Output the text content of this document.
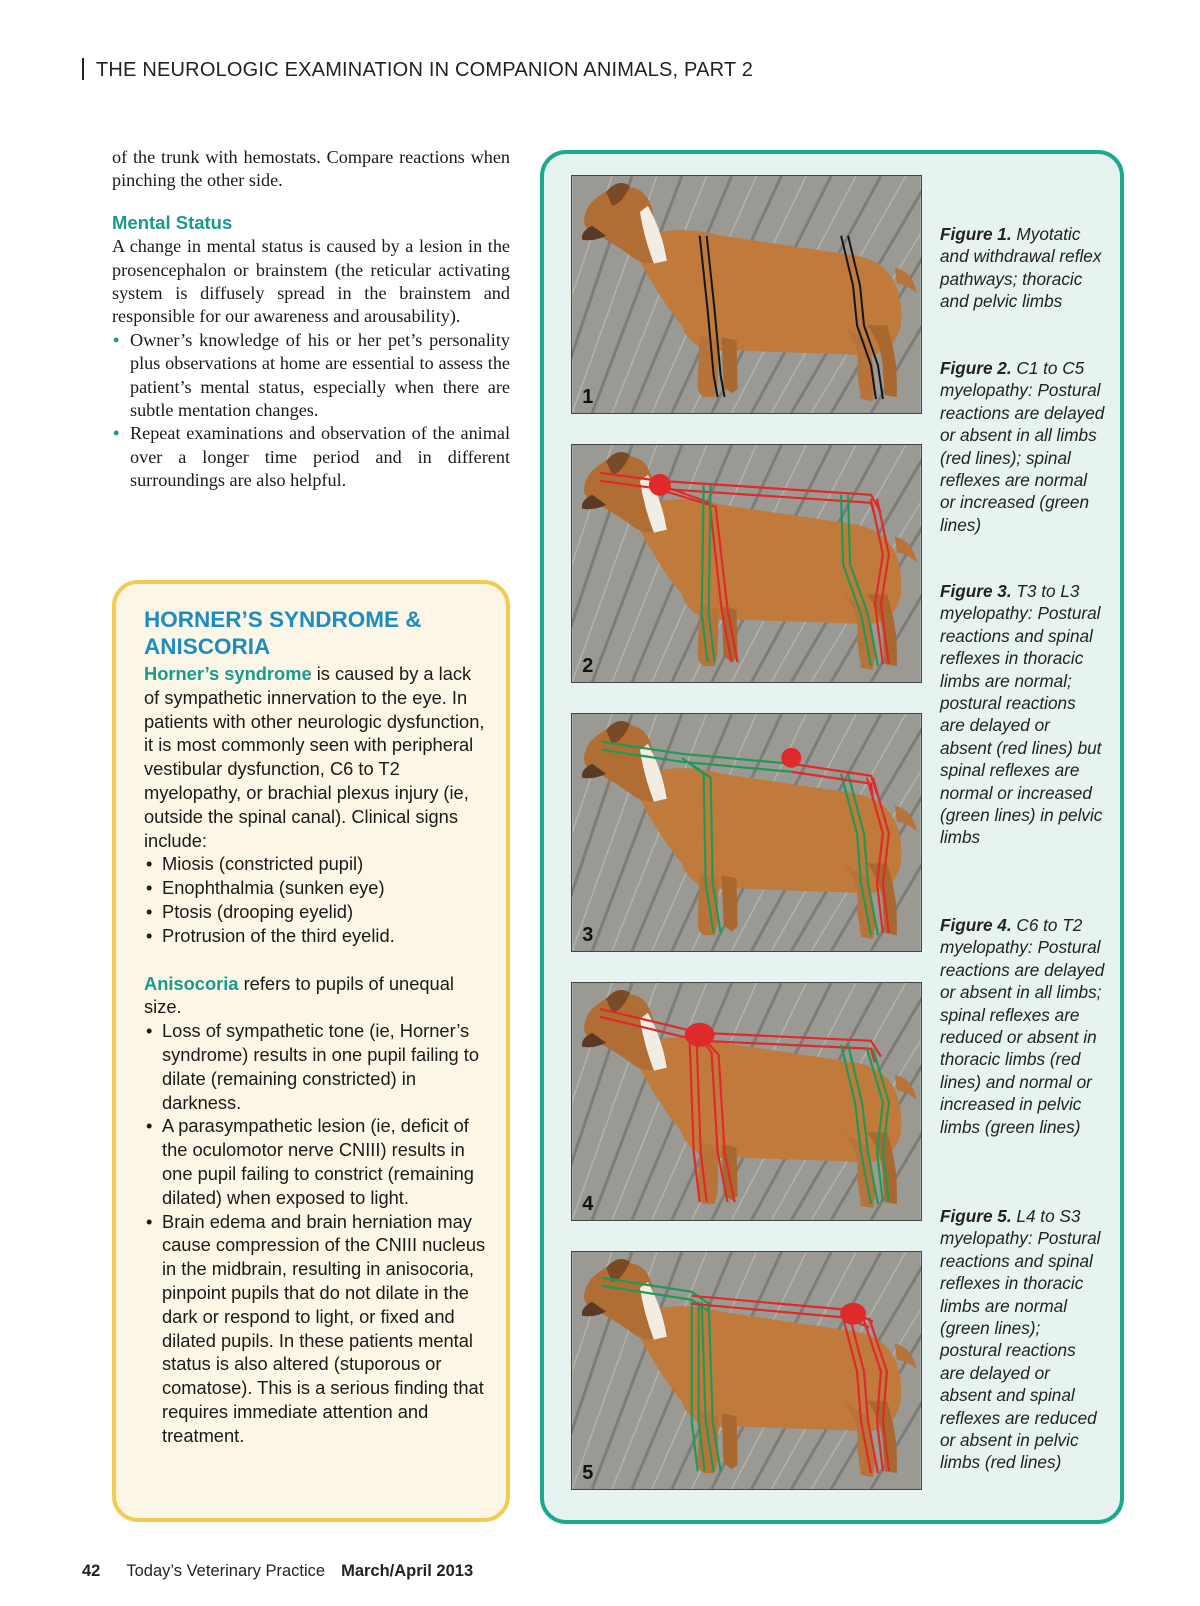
THE NEUROLOGIC EXAMINATION IN COMPANION ANIMALS, PART 2

of the trunk with hemostats. Compare reactions when pinching the other side.

Mental Status

A change in mental status is caused by a lesion in the prosencephalon or brainstem (the reticular activating system is diffusely spread in the brainstem and responsible for our awareness and arousability).

• Owner’s knowledge of his or her pet’s personality plus observations at home are essential to assess the patient’s mental status, especially when there are subtle mentation changes.
• Repeat examinations and observation of the animal over a longer time period and in different surroundings are also helpful.
HORNER’S SYNDROME & ANISCORIA

Horner’s syndrome is caused by a lack of sympathetic innervation to the eye. In patients with other neurologic dysfunction, it is most commonly seen with peripheral vestibular dysfunction, C6 to T2 myelopathy, or brachial plexus injury (ie, outside the spinal canal). Clinical signs include:

• Miosis (constricted pupil)
• Enophthalmia (sunken eye)
• Ptosis (drooping eyelid)
• Protrusion of the third eyelid.

Anisocoria refers to pupils of unequal size.

• Loss of sympathetic tone (ie, Horner’s syndrome) results in one pupil failing to dilate (remaining constricted) in darkness.
• A parasympathetic lesion (ie, deficit of the oculomotor nerve CNIII) results in one pupil failing to constrict (remaining dilated) when exposed to light.
• Brain edema and brain herniation may cause compression of the CNIII nucleus in the midbrain, resulting in anisocoria, pinpoint pupils that do not dilate in the dark or respond to light, or fixed and dilated pupils. In these patients mental status is also altered (stuporous or comatose). This is a serious finding that requires immediate attention and treatment.
1
2
3
4
5
Figure 1. Myotatic and withdrawal reflex pathways; thoracic and pelvic limbs
Figure 2. C1 to C5 myelopathy: Postural reactions are delayed or absent in all limbs (red lines); spinal reflexes are normal or increased (green lines)
Figure 3. T3 to L3 myelopathy: Postural reactions and spinal reflexes in thoracic limbs are normal; postural reactions are delayed or absent (red lines) but spinal reflexes are normal or increased (green lines) in pelvic limbs
Figure 4. C6 to T2 myelopathy: Postural reactions are delayed or absent in all limbs; spinal reflexes are reduced or absent in thoracic limbs (red lines) and normal or increased in pelvic limbs (green lines)
Figure 5. L4 to S3 myelopathy: Postural reactions and spinal reflexes in thoracic limbs are normal (green lines); postural reactions are delayed or absent and spinal reflexes are reduced or absent in pelvic limbs (red lines)
42 Today’s Veterinary Practice March/April 2013
